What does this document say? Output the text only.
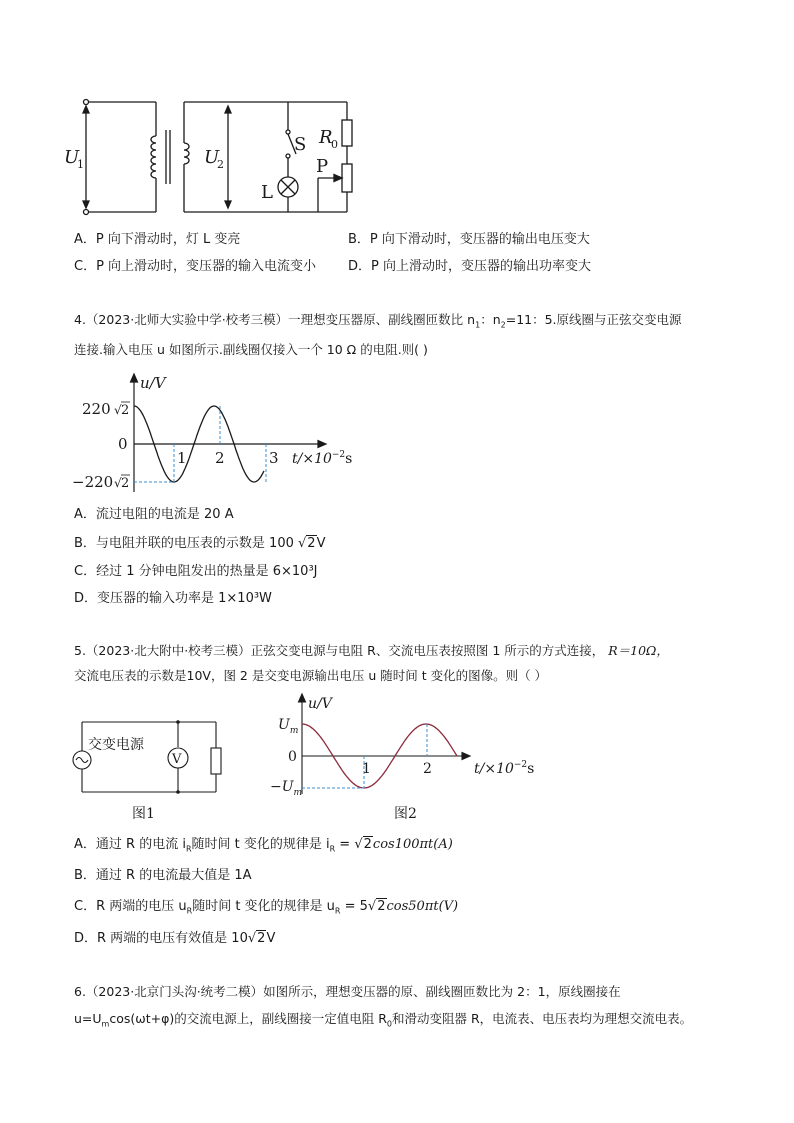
U
1	U
2
S
L
R
0
P
A．P 向下滑动时，灯 L 变亮	B．P 向下滑动时，变压器的输出电压变大
C．P 向上滑动时，变压器的输入电流变小 D．P 向上滑动时，变压器的输出功率变大
4.（2023·北师大实验中学·校考三模）一理想变压器原、副线圈匝数比 $n_1$：$n_2=11$：5.原线圈与正弦交变电源
连接.输入电压 u 如图所示.副线圈仅接入一个 10 Ω 的电阻.则( )
u/V
220 √ 2
0
−220 √ 2
1 2	3 $t/\times 10^{-2}s$
A．流过电阻的电流是 20 A
B．与电阻并联的电压表的示数是 100 √2V
C．经过 1 分钟电阻发出的热量是 6×10³J
D．变压器的输入功率是 1×10³W
5.（2023·北大附中·校考三模）正弦交变电源与电阻 R、交流电压表按照图 1 所示的方式连接， R＝10Ω，
交流电压表的示数是10V，图 2 是交变电源输出电压 u 随时间 t 变化的图像。则（ ）
交变电源
V
图1
u/V
$U_m$
0
$-U_m$
1	2	$t/\times 10^{-2}s$
图2
A．通过 R 的电流 $i_R$随时间 t 变化的规律是 $i_R = √2\cos 100\pi t(A)$
B．通过 R 的电流最大值是 1A
C．R 两端的电压 $u_R$随时间 t 变化的规律是 $u_R = 5√2\cos 50\pi t(V)$
D．R 两端的电压有效值是 10√2V
6.（2023·北京门头沟·统考二模）如图所示，理想变压器的原、副线圈匝数比为 2：1，原线圈接在
$u=U_m\cos(\omega t+\varphi)$的交流电源上，副线圈接一定值电阻 $R_0$和滑动变阻器 R，电流表、电压表均为理想交流电表。
